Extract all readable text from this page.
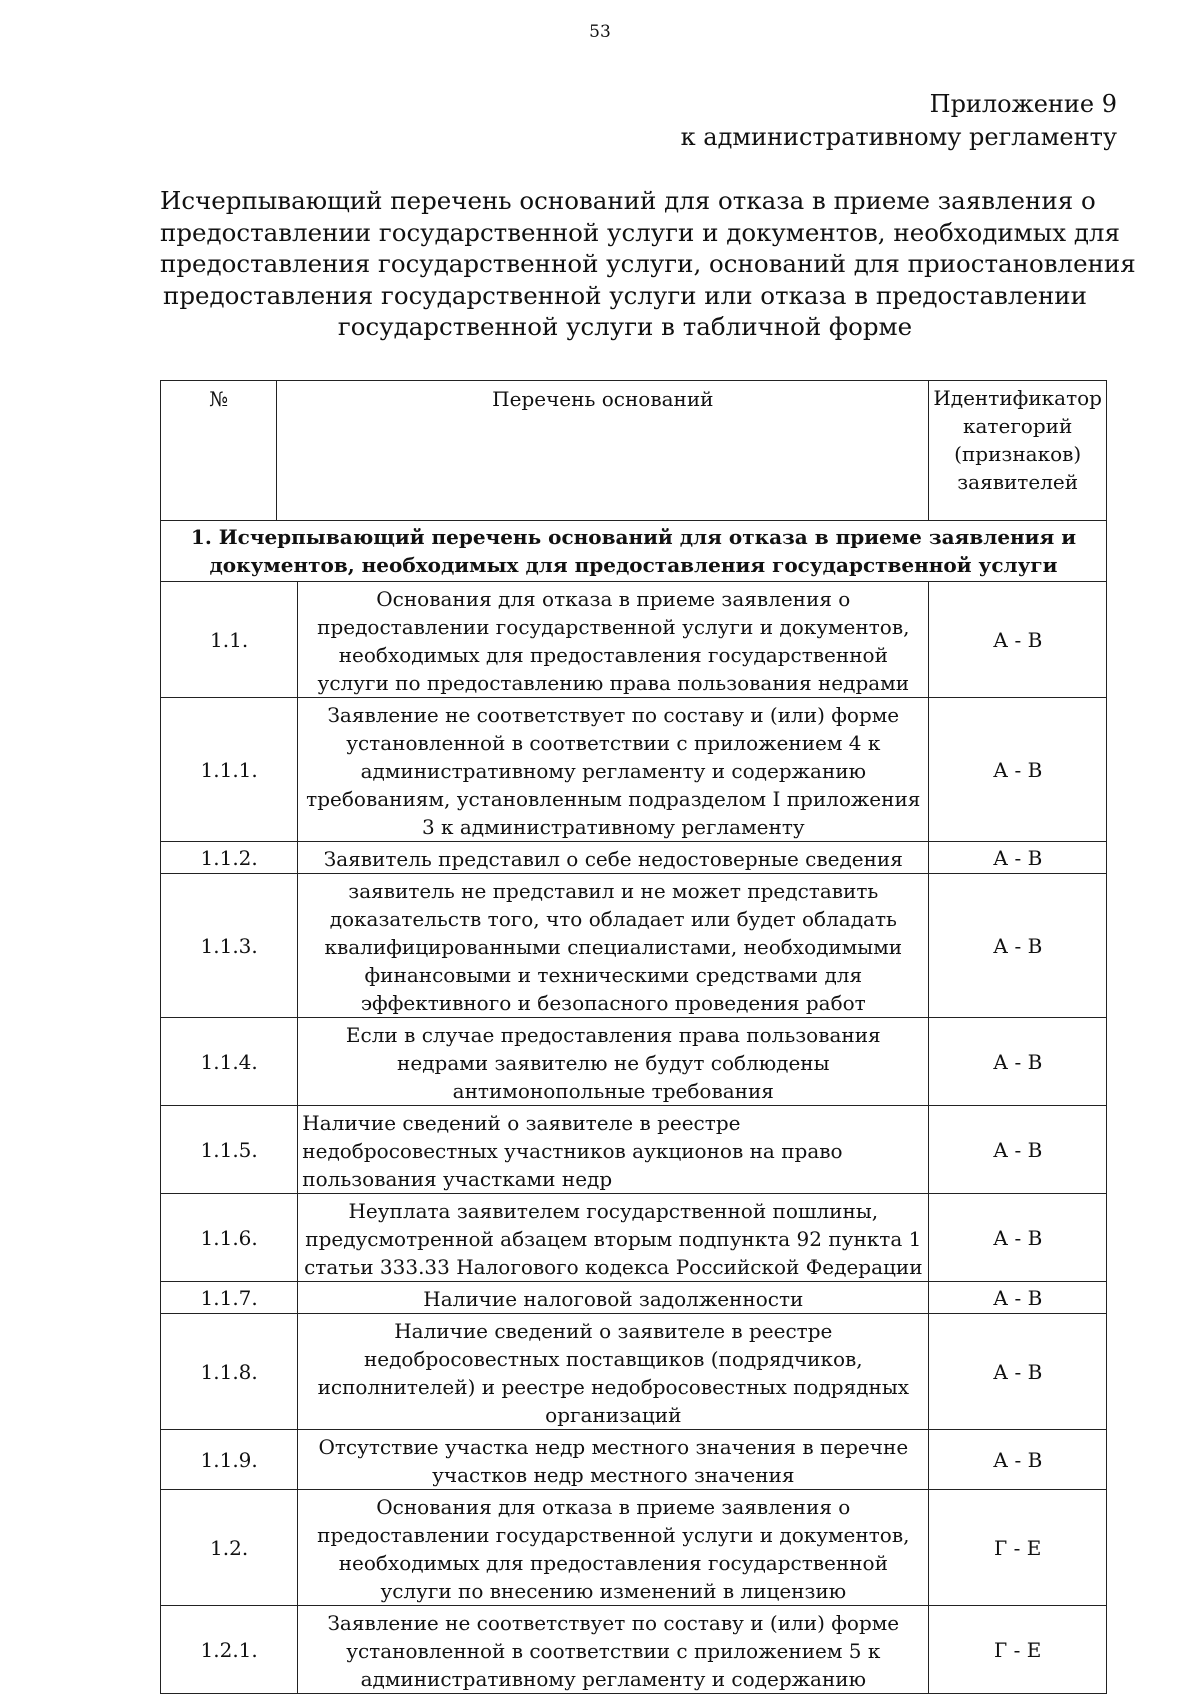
53
Приложение 9
к административному регламенту
Исчерпывающий перечень оснований для отказа в приеме заявления о
предоставлении государственной услуги и документов, необходимых для
предоставления государственной услуги, оснований для приостановления
предоставления государственной услуги или отказа в предоставлении
государственной услуги в табличной форме
№	Перечень оснований		Идентификатор категорий (признаков) заявителей
1. Исчерпывающий перечень оснований для отказа в приеме заявления и документов, необходимых для предоставления государственной услуги			
1.1.		Основания для отказа в приеме заявления о предоставлении государственной услуги и документов, необходимых для предоставления государственной услуги по предоставлению права пользования недрами	А - В
1.1.1.		Заявление не соответствует по составу и (или) форме установленной в соответствии с приложением 4 к административному регламенту и содержанию требованиям, установленным подразделом I приложения 3 к административному регламенту	А - В
1.1.2.		Заявитель представил о себе недостоверные сведения	А - В
1.1.3.		заявитель не представил и не может представить доказательств того, что обладает или будет обладать квалифицированными специалистами, необходимыми финансовыми и техническими средствами для эффективного и безопасного проведения работ	А - В
1.1.4.		Если в случае предоставления права пользования недрами заявителю не будут соблюдены антимонопольные требования	А - В
1.1.5.		Наличие сведений о заявителе в реестре недобросовестных участников аукционов на право пользования участками недр	А - В
1.1.6.		Неуплата заявителем государственной пошлины, предусмотренной абзацем вторым подпункта 92 пункта 1 статьи 333.33 Налогового кодекса Российской Федерации	А - В
1.1.7.		Наличие налоговой задолженности	А - В
1.1.8.		Наличие сведений о заявителе в реестре недобросовестных поставщиков (подрядчиков, исполнителей) и реестре недобросовестных подрядных организаций	А - В
1.1.9.		Отсутствие участка недр местного значения в перечне участков недр местного значения	А - В
1.2.		Основания для отказа в приеме заявления о предоставлении государственной услуги и документов, необходимых для предоставления государственной услуги по внесению изменений в лицензию	Г - Е
1.2.1.		Заявление не соответствует по составу и (или) форме установленной в соответствии с приложением 5 к административному регламенту и содержанию	Г - Е
